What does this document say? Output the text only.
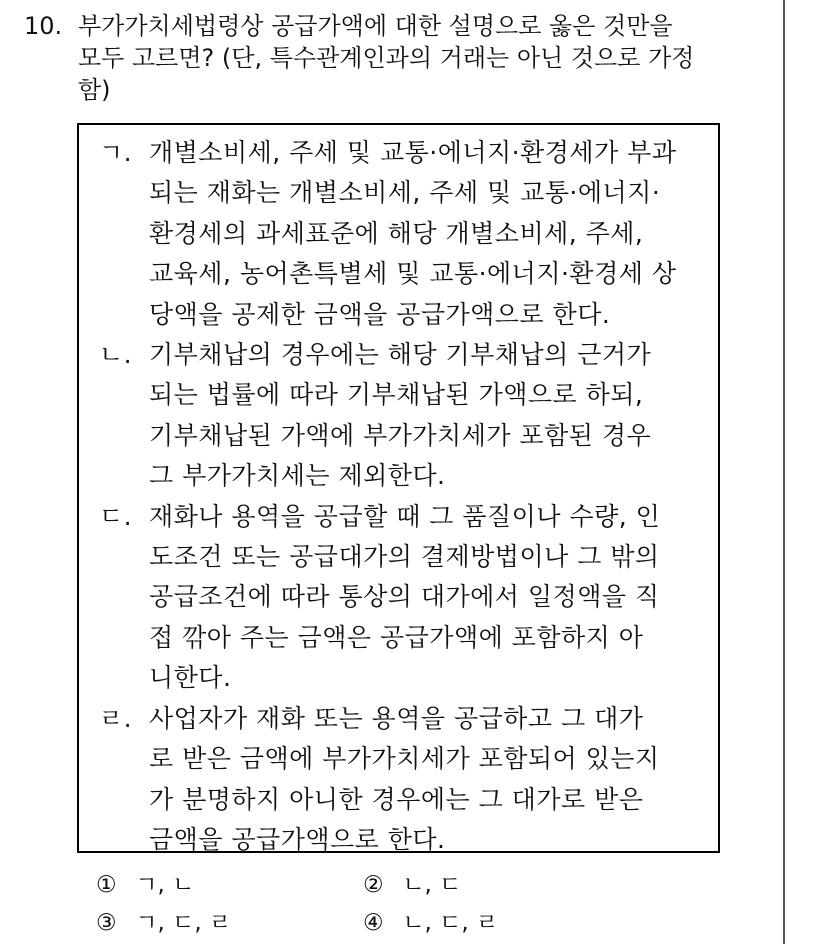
10. 부가가치세법령상 공급가액에 대한 설명으로 옳은 것만을
모두 고르면? (단, 특수관계인과의 거래는 아닌 것으로 가정
함)
ㄱ. 개별소비세, 주세 및 교통·에너지·환경세가 부과
되는 재화는 개별소비세, 주세 및 교통·에너지·
환경세의 과세표준에 해당 개별소비세, 주세,
교육세, 농어촌특별세 및 교통·에너지·환경세 상
당액을 공제한 금액을 공급가액으로 한다.
ㄴ. 기부채납의 경우에는 해당 기부채납의 근거가
되는 법률에 따라 기부채납된 가액으로 하되,
기부채납된 가액에 부가가치세가 포함된 경우
그 부가가치세는 제외한다.
ㄷ. 재화나 용역을 공급할 때 그 품질이나 수량, 인
도조건 또는 공급대가의 결제방법이나 그 밖의
공급조건에 따라 통상의 대가에서 일정액을 직
접 깎아 주는 금액은 공급가액에 포함하지 아
니한다.
ㄹ. 사업자가 재화 또는 용역을 공급하고 그 대가
로 받은 금액에 부가가치세가 포함되어 있는지
가 분명하지 아니한 경우에는 그 대가로 받은
금액을 공급가액으로 한다.
① ㄱ, ㄴ	② ㄴ, ㄷ
③ ㄱ, ㄷ, ㄹ	④ ㄴ, ㄷ, ㄹ
